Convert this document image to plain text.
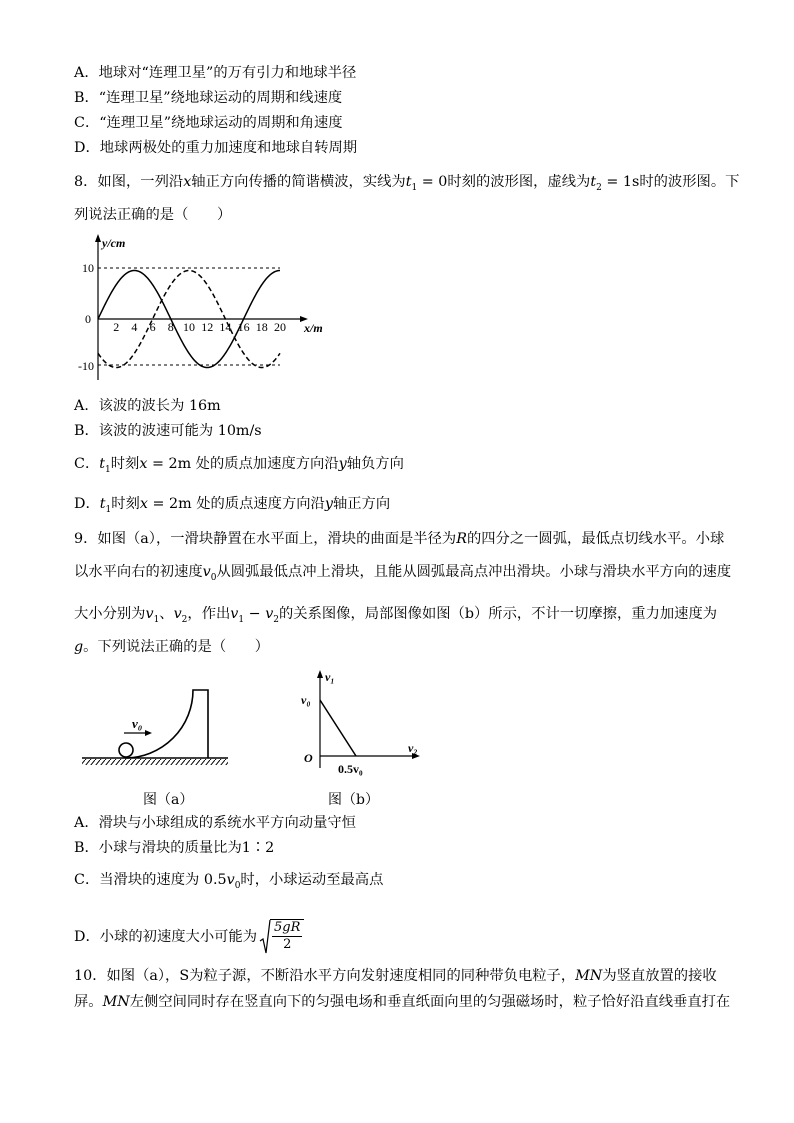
A．地球对“连理卫星”的万有引力和地球半径
B．“连理卫星”绕地球运动的周期和线速度
C．“连理卫星”绕地球运动的周期和角速度
D．地球两极处的重力加速度和地球自转周期
8．如图，一列沿x轴正方向传播的简谐横波，实线为$t_1 = 0$时刻的波形图，虚线为$t_2 = 1s$时的波形图。下
列说法正确的是（　　）
y/cm
x/m
10
-10
0
2 4 6 8 10 12 14 16 18 20
A．该波的波长为 16m
B．该波的波速可能为 10m/s
C．$t_1$时刻x = 2m 处的质点加速度方向沿y轴负方向
D．$t_1$时刻x = 2m 处的质点速度方向沿y轴正方向
9．如图（a），一滑块静置在水平面上，滑块的曲面是半径为R的四分之一圆弧，最低点切线水平。小球
以水平向右的初速度$v_0$从圆弧最低点冲上滑块，且能从圆弧最高点冲出滑块。小球与滑块水平方向的速度
大小分别为$v_1$、$v_2$，作出$v_1 - v_2$的关系图像，局部图像如图（b）所示，不计一切摩擦，重力加速度为
g。下列说法正确的是（　　）
v₀
图（a）
v₁
v₂
v₀
O
0.5v₀
图（b）
A．滑块与小球组成的系统水平方向动量守恒
B．小球与滑块的质量比为1∶2
C．当滑块的速度为 $0.5v_0$时，小球运动至最高点
D．小球的初速度大小可能为 $\frac{5gR}{2}$
10．如图（a），S为粒子源，不断沿水平方向发射速度相同的同种带负电粒子，MN为竖直放置的接收
屏。MN左侧空间同时存在竖直向下的匀强电场和垂直纸面向里的匀强磁场时，粒子恰好沿直线垂直打在
